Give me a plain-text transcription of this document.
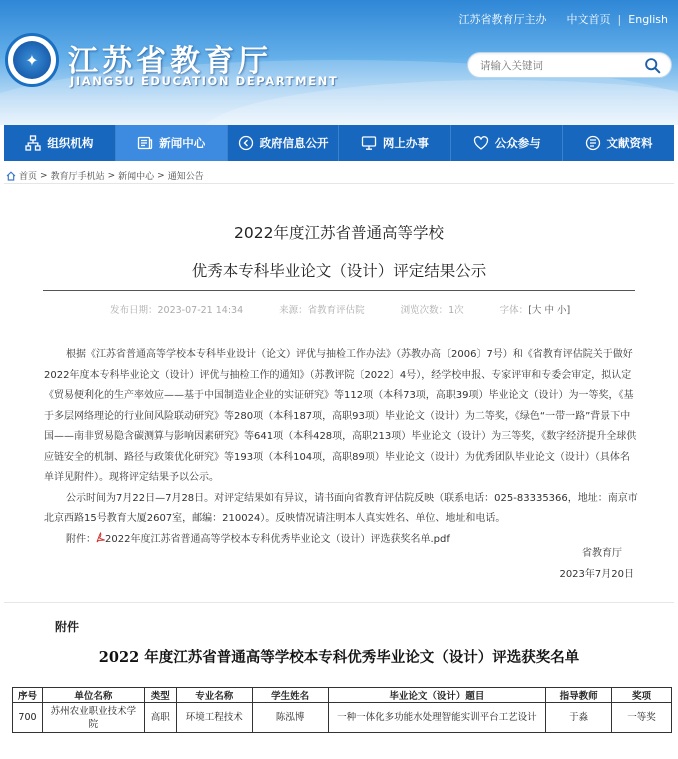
江苏省教育厅主办 中文首页 | English
✦ 江苏省教育厅
JIANGSU EDUCATION DEPARTMENT
请输入关键词
组织机构	新闻中心	政府信息公开	网上办事	公众参与	文献资料
首页 > 教育厅手机站 > 新闻中心 > 通知公告
2022年度江苏省普通高等学校
优秀本专科毕业论文（设计）评定结果公示
发布日期：2023-07-21 14:34	来源：省教育评估院	浏览次数：1次	字体：[大 中 小]

根据《江苏省普通高等学校本专科毕业设计（论文）评优与抽检工作办法》（苏教办高〔2006〕7号）和《省教育评估院关于做好2022年度本专科毕业论文（设计）评优与抽检工作的通知》（苏教评院〔2022〕4号），经学校申报、专家评审和专委会审定，拟认定《贸易便利化的生产率效应——基于中国制造业企业的实证研究》等112项（本科73项，高职39项）毕业论文（设计）为一等奖，《基于多层网络理论的行业间风险联动研究》等280项（本科187项，高职93项）毕业论文（设计）为二等奖，《绿色“一带一路”背景下中国——南非贸易隐含碳测算与影响因素研究》等641项（本科428项，高职213项）毕业论文（设计）为三等奖，《数字经济提升全球供应链安全的机制、路径与政策优化研究》等193项（本科104项，高职89项）毕业论文（设计）为优秀团队毕业论文（设计）（具体名单详见附件）。现将评定结果予以公示。

公示时间为7月22日—7月28日。对评定结果如有异议，请书面向省教育评估院反映（联系电话：025-83335366，地址：南京市北京西路15号教育大厦2607室，邮编：210024）。反映情况请注明本人真实姓名、单位、地址和电话。

附件： 2022年度江苏省普通高等学校本专科优秀毕业论文（设计）评选获奖名单.pdf

省教育厅
2023年7月20日
附件
2022 年度江苏省普通高等学校本专科优秀毕业论文（设计）评选获奖名单
序号	单位名称	类型	专业名称	学生姓名	毕业论文（设计）题目	指导教师	奖项
700	苏州农业职业技术学院	高职	环境工程技术	陈泓博	一种一体化多功能水处理智能实训平台工艺设计	于淼	一等奖
